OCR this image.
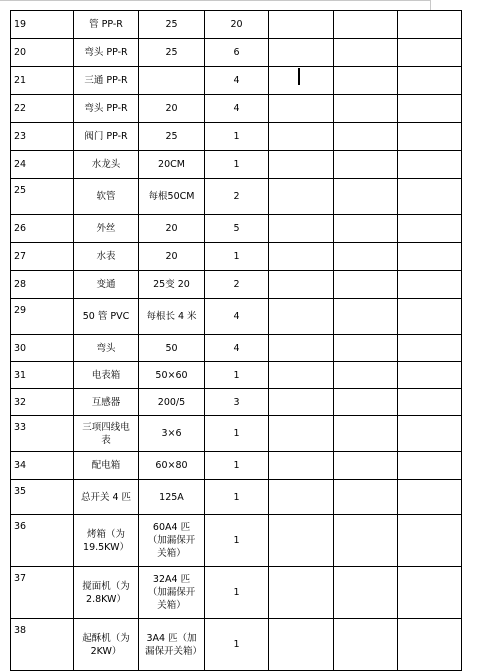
19	管 PP-R	25	20			
20	弯头 PP-R	25	6			
21	三通 PP-R		4			
22	弯头 PP-R	20	4			
23	阀门 PP-R	25	1			
24	水龙头	20CM	1			
25	软管	每根50CM	2			
26	外丝	20	5			
27	水表	20	1			
28	变通	25变 20	2			
29	50 管 PVC	每根长 4 米	4			
30	弯头	50	4			
31	电表箱	50×60	1			
32	互感器	200/5	3			
33	三项四线电表	3×6	1			
34	配电箱	60×80	1			
35	总开关 4 匹	125A	1			
36	烤箱（为 19.5KW）	60A4 匹（加漏保开关箱）	1			
37	搅面机（为 2.8KW）	32A4 匹（加漏保开关箱）	1			
38	起酥机（为 2KW）	3A4 匹（加漏保开关箱）	1			
